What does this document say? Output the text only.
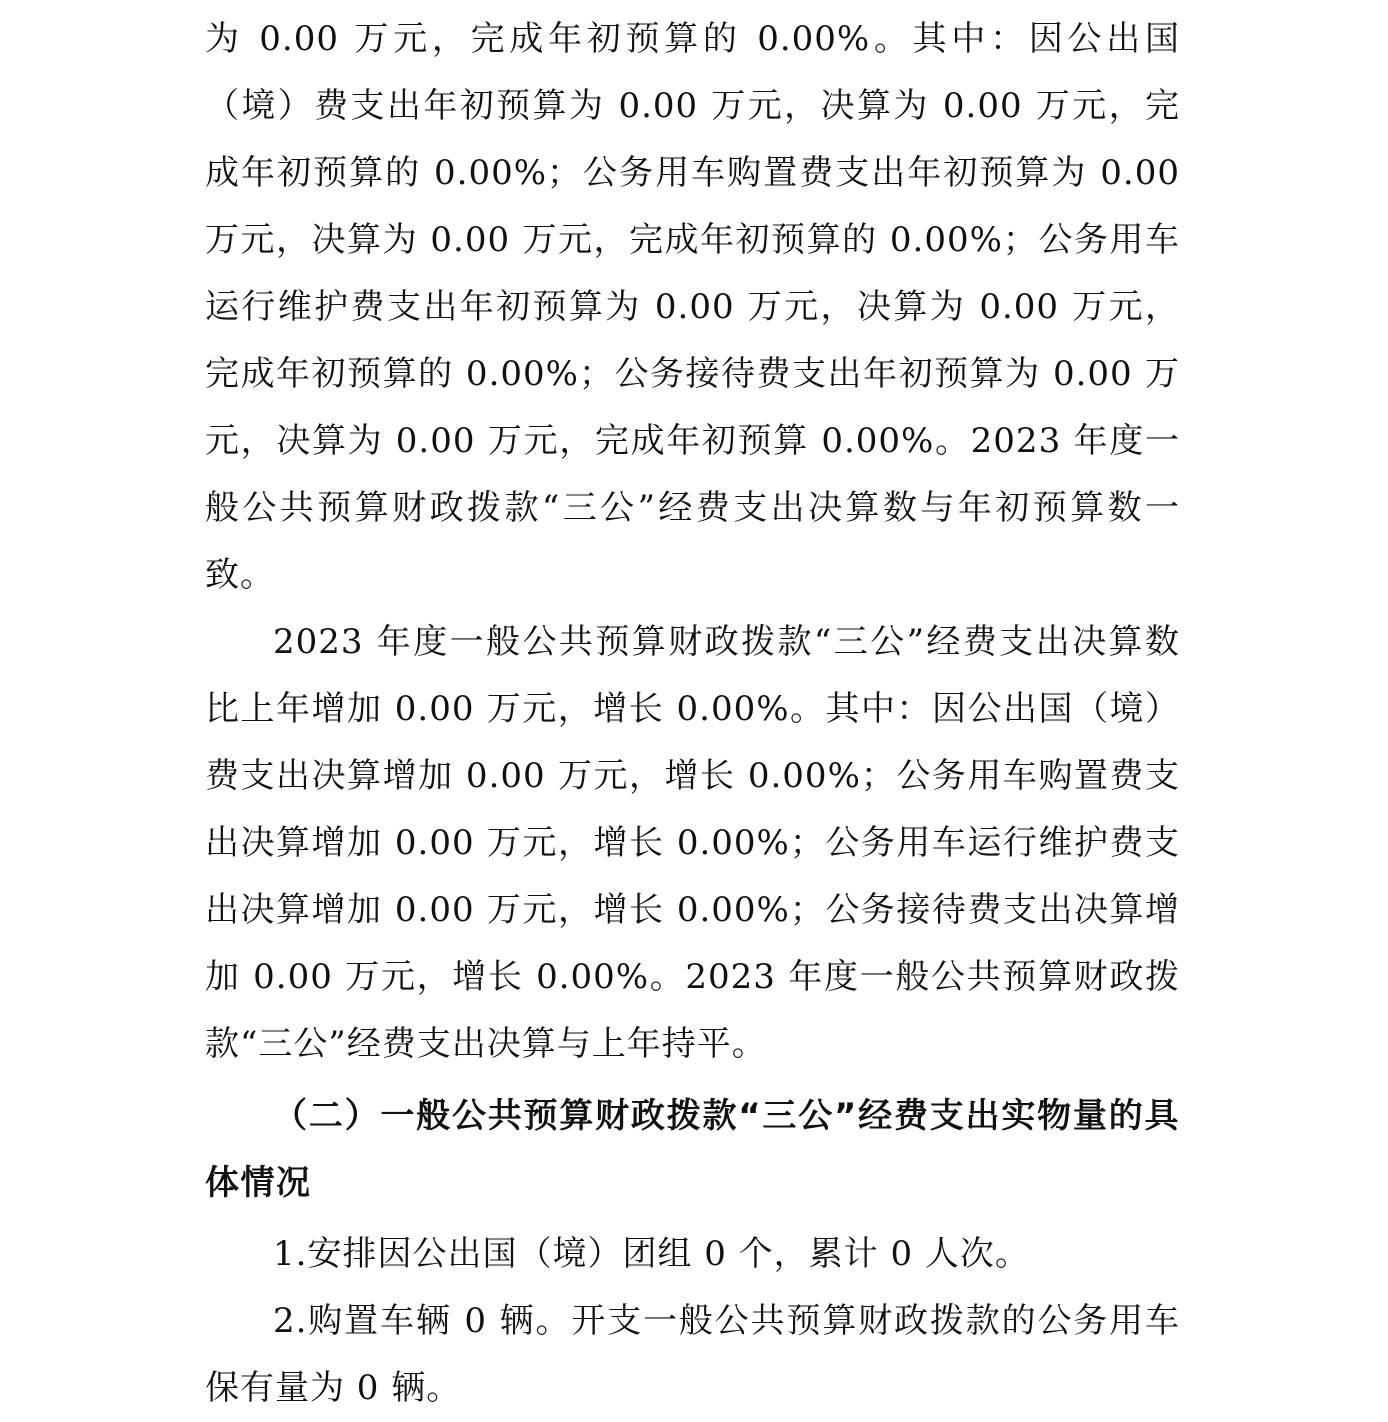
为 0.00 万元，完成年初预算的 0.00%。其中：因公出国（境）费支出年初预算为 0.00 万元，决算为 0.00 万元，完成年初预算的 0.00%；公务用车购置费支出年初预算为 0.00 万元，决算为 0.00 万元，完成年初预算的 0.00%；公务用车运行维护费支出年初预算为 0.00 万元，决算为 0.00 万元，完成年初预算的 0.00%；公务接待费支出年初预算为 0.00 万元，决算为 0.00 万元，完成年初预算 0.00%。2023 年度一般公共预算财政拨款“三公”经费支出决算数与年初预算数一致。

2023 年度一般公共预算财政拨款“三公”经费支出决算数比上年增加 0.00 万元，增长 0.00%。其中：因公出国（境）费支出决算增加 0.00 万元，增长 0.00%；公务用车购置费支出决算增加 0.00 万元，增长 0.00%；公务用车运行维护费支出决算增加 0.00 万元，增长 0.00%；公务接待费支出决算增加 0.00 万元，增长 0.00%。2023 年度一般公共预算财政拨款“三公”经费支出决算与上年持平。

（二）一般公共预算财政拨款“三公”经费支出实物量的具体情况

1.安排因公出国（境）团组 0 个，累计 0 人次。

2.购置车辆 0 辆。开支一般公共预算财政拨款的公务用车保有量为 0 辆。
